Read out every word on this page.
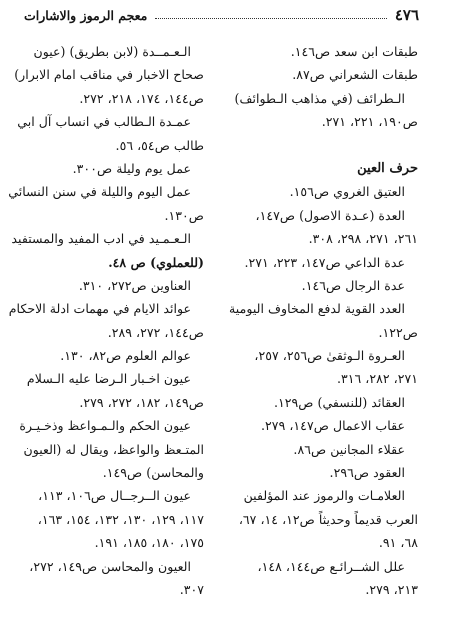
٤٧٦
معجم الرموز والاشارات
طبقات ابن سعد ص١٤٦.
طبقات الشعراني ص٨٧.
الـطرائف (في مذاهب الـطوائف)
ص١٩٠، ٢٢١، ٢٧١.
حرف العين
العتيق الغروي ص١٥٦.
العدة (عـدة الاصول) ص١٤٧،
٢٦١، ٢٧١، ٢٩٨، ٣٠٨.
عدة الداعي ص١٤٧، ٢٢٣، ٢٧١.
عدة الرجال ص١٤٦.
العدد القوية لدفع المخاوف اليومية
ص١٢٢.
العـروة الـوثقىٰ ص٢٥٦، ٢٥٧،
٢٧١، ٢٨٢، ٣١٦.
العقائد (للنسفي) ص١٢٩.
عقاب الاعمال ص١٤٧، ٢٧٩.
عقلاء المجانين ص٨٦.
العقود ص٢٩٦.
العلامـات والرموز عند المؤلفين
العرب قديماً وحديثاً ص١٢، ١٤، ٦٧،
٦٨، ٩١.
علل الشــرائـع ص١٤٤، ١٤٨،
٢١٣، ٢٧٩.
الـعـمــدة (لابن بطريق) (عيون
صحاح الاخبار في مناقب امام الابرار)
ص١٤٤، ١٧٤، ٢١٨، ٢٧٢.
عمـدة الـطالب في انساب آل ابي
طالب ص٥٤، ٥٦.
عمل يوم وليلة ص٣٠٠.
عمل اليوم والليلة في سنن النسائي
ص١٣٠.
الـعـمـيد في ادب المفيد والمستفيد
(للعملوي) ص ٤٨.
العناوين ص٢٧٢، ٣١٠.
عوائد الايام في مهمات ادلة الاحكام
ص١٤٤، ٢٧٢، ٢٨٩.
عوالم العلوم ص٨٢، ١٣٠.
عيون اخـبار الـرضا عليه الـسلام
ص١٤٩، ١٨٢، ٢٧٢، ٢٧٩.
عيون الحكم والـمـواعظ وذخـيـرة
المتـعظ والواعظ، ويقال له (العيون
والمحاسن) ص١٤٩.
عيون الــرجــال ص١٠٦، ١١٣،
١١٧، ١٢٩، ١٣٠، ١٣٢، ١٥٤، ١٦٣،
١٧٥، ١٨٠، ١٨٥، ١٩١.
العيون والمحاسن ص١٤٩، ٢٧٢،
٣٠٧.
